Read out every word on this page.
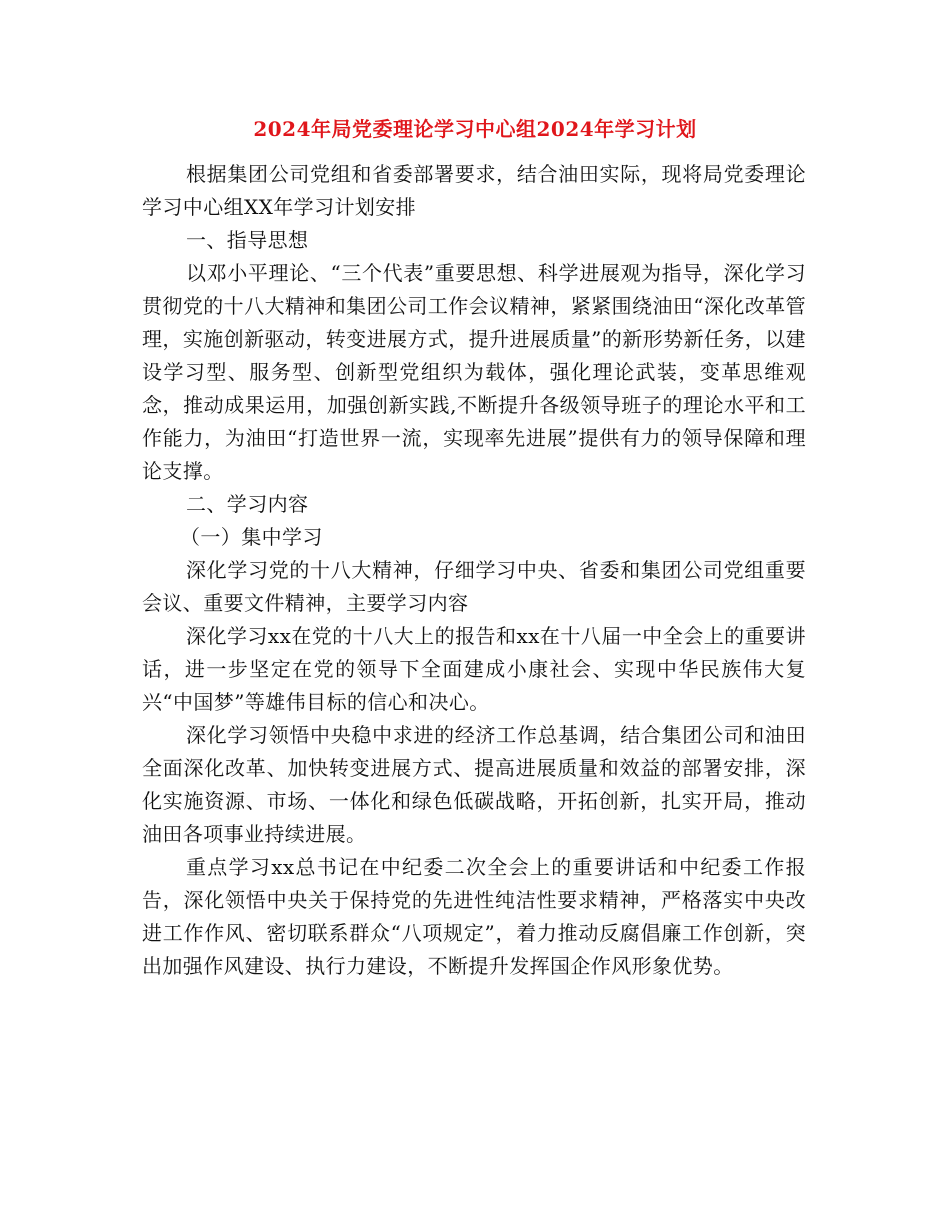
2024年局党委理论学习中心组2024年学习计划

根据集团公司党组和省委部署要求，结合油田实际，现将局党委理论学习中心组XX年学习计划安排

一、指导思想

以邓小平理论、“三个代表”重要思想、科学进展观为指导，深化学习贯彻党的十八大精神和集团公司工作会议精神，紧紧围绕油田“深化改革管理，实施创新驱动，转变进展方式，提升进展质量”的新形势新任务，以建设学习型、服务型、创新型党组织为载体，强化理论武装，变革思维观念，推动成果运用，加强创新实践,不断提升各级领导班子的理论水平和工作能力，为油田“打造世界一流，实现率先进展”提供有力的领导保障和理论支撑。

二、学习内容

（一）集中学习

深化学习党的十八大精神，仔细学习中央、省委和集团公司党组重要会议、重要文件精神，主要学习内容

深化学习xx在党的十八大上的报告和xx在十八届一中全会上的重要讲话，进一步坚定在党的领导下全面建成小康社会、实现中华民族伟大复兴“中国梦”等雄伟目标的信心和决心。

深化学习领悟中央稳中求进的经济工作总基调，结合集团公司和油田全面深化改革、加快转变进展方式、提高进展质量和效益的部署安排，深化实施资源、市场、一体化和绿色低碳战略，开拓创新，扎实开局，推动油田各项事业持续进展。

重点学习xx总书记在中纪委二次全会上的重要讲话和中纪委工作报告，深化领悟中央关于保持党的先进性纯洁性要求精神，严格落实中央改进工作作风、密切联系群众“八项规定”，着力推动反腐倡廉工作创新，突出加强作风建设、执行力建设，不断提升发挥国企作风形象优势。
